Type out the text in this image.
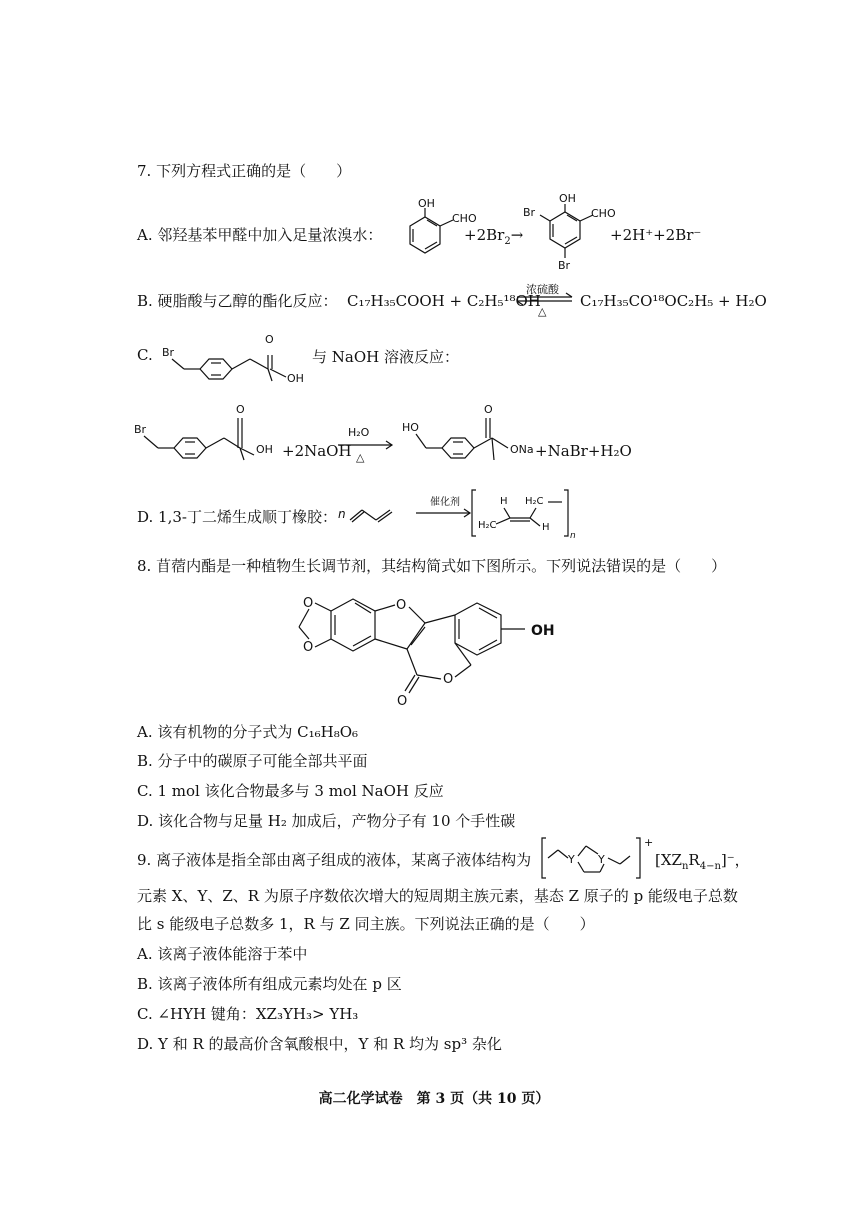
7. 下列方程式正确的是（　　）
A. 邻羟基苯甲醛中加入足量浓溴水：
OH
CHO
$+2Br_2\to$
OH
CHO
Br
Br
+2H⁺+2Br⁻
B. 硬脂酸与乙醇的酯化反应： C₁₇H₃₅COOH + C₂H₅¹⁸OH
浓硫酸
△
C₁₇H₃₅CO¹⁸OC₂H₅ + H₂O
C. Br
O
OH
与 NaOH 溶液反应：
Br
O
OH +2NaOH
H₂O
△
HO
O
ONa +NaBr+H₂O
D. 1,3-丁二烯生成顺丁橡胶： n
催化剂	H H₂C
H₂C	H
n
8. 苜蓿内酯是一种植物生长调节剂，其结构简式如下图所示。下列说法错误的是（　　）
O
O
O
O
O
OH
A. 该有机物的分子式为 C₁₆H₈O₆
B. 分子中的碳原子可能全部共平面
C. 1 mol 该化合物最多与 3 mol NaOH 反应
D. 该化合物与足量 H₂ 加成后，产物分子有 10 个手性碳
9. 离子液体是指全部由离子组成的液体，某离子液体结构为	Y Y
+
$[XZ_nR_{4-n}]^-$，
元素 X、Y、Z、R 为原子序数依次增大的短周期主族元素，基态 Z 原子的 p 能级电子总数
比 s 能级电子总数多 1，R 与 Z 同主族。下列说法正确的是（　　）
A. 该离子液体能溶于苯中
B. 该离子液体所有组成元素均处在 p 区
C. ∠HYH 键角：XZ₃YH₃> YH₃
D. Y 和 R 的最高价含氧酸根中，Y 和 R 均为 sp³ 杂化
高二化学试卷　第 3 页（共 10 页）
